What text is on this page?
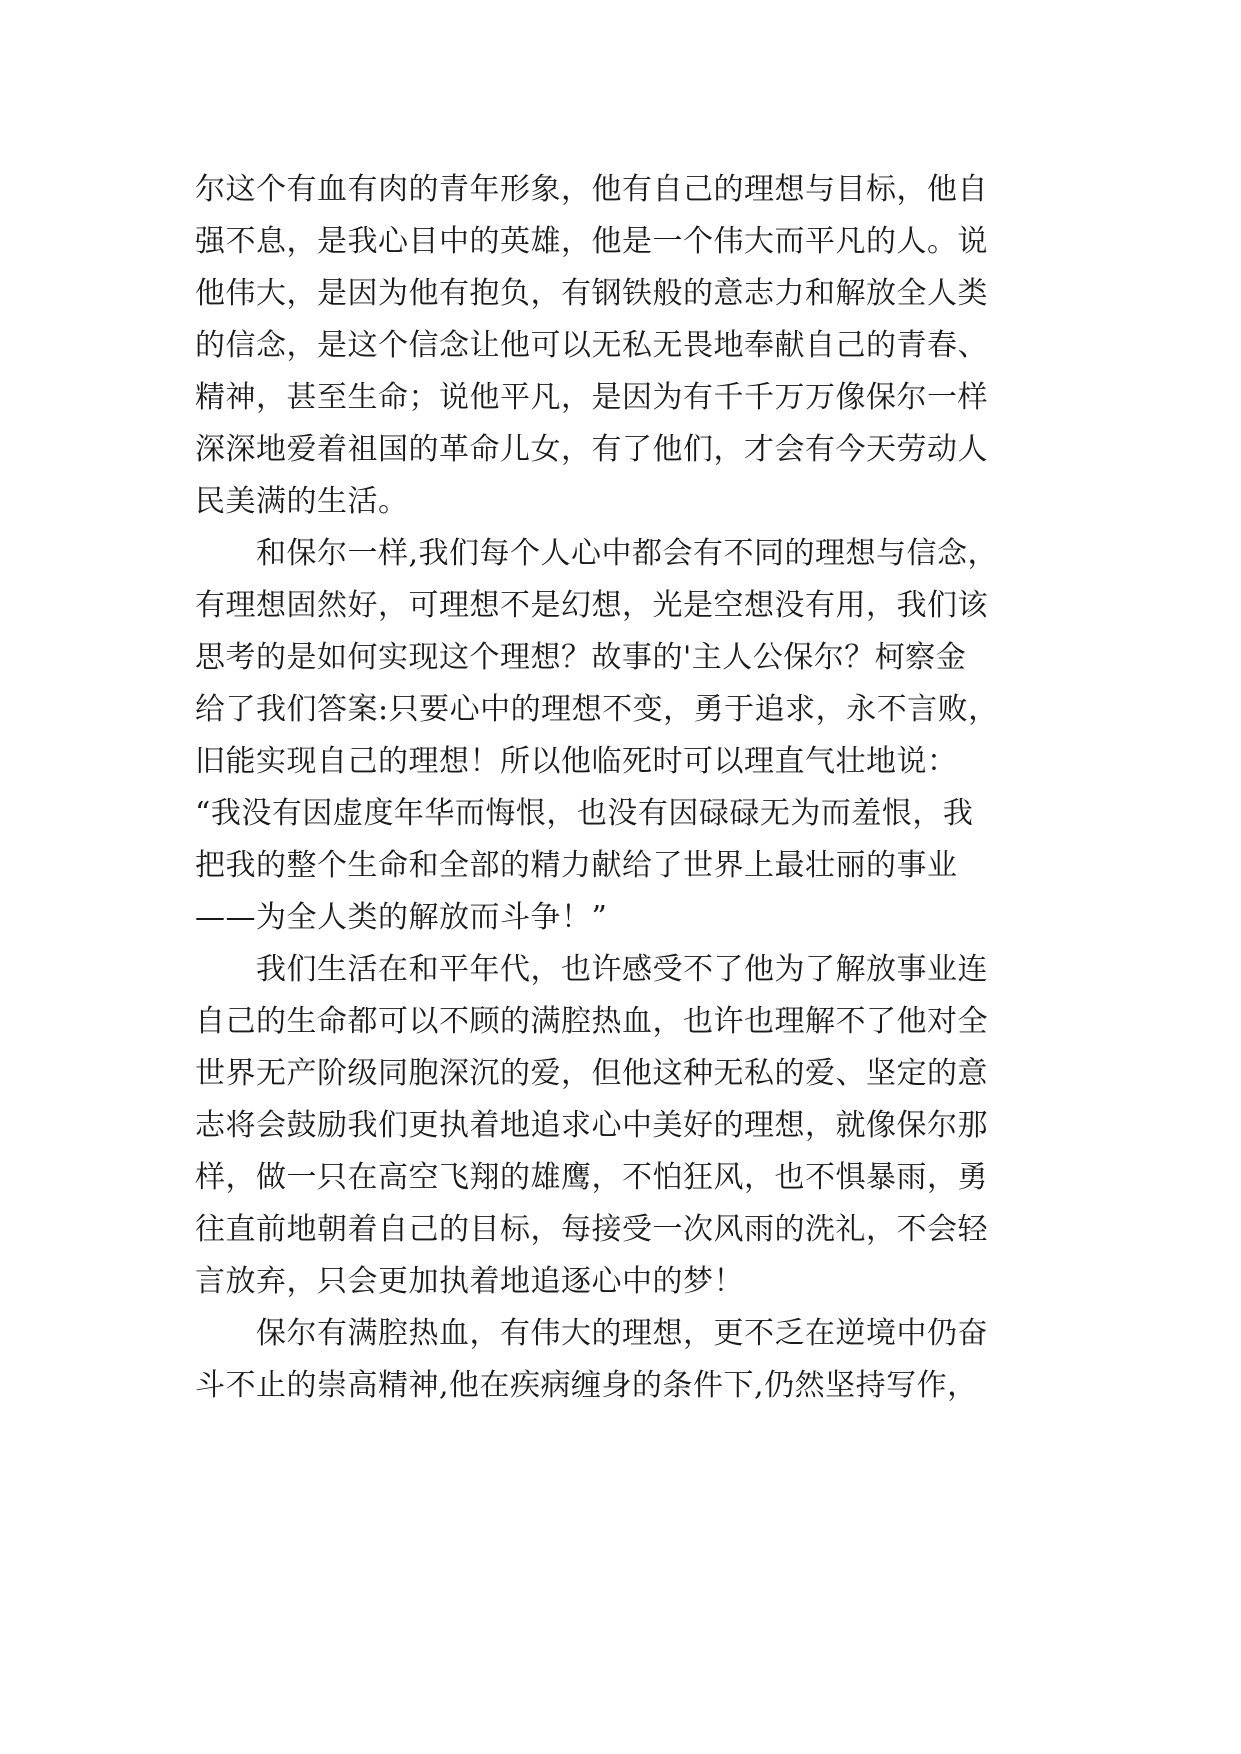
尔这个有血有肉的青年形象，他有自己的理想与目标，他自
强不息，是我心目中的英雄，他是一个伟大而平凡的人。说
他伟大，是因为他有抱负，有钢铁般的意志力和解放全人类
的信念，是这个信念让他可以无私无畏地奉献自己的青春、
精神，甚至生命；说他平凡，是因为有千千万万像保尔一样
深深地爱着祖国的革命儿女，有了他们，才会有今天劳动人
民美满的生活。
　　和保尔一样,我们每个人心中都会有不同的理想与信念，
有理想固然好，可理想不是幻想，光是空想没有用，我们该
思考的是如何实现这个理想？故事的'主人公保尔？柯察金
给了我们答案:只要心中的理想不变，勇于追求，永不言败，
旧能实现自己的理想！所以他临死时可以理直气壮地说：
“我没有因虚度年华而悔恨，也没有因碌碌无为而羞恨，我
把我的整个生命和全部的精力献给了世界上最壮丽的事业
——为全人类的解放而斗争！”
　　我们生活在和平年代，也许感受不了他为了解放事业连
自己的生命都可以不顾的满腔热血，也许也理解不了他对全
世界无产阶级同胞深沉的爱，但他这种无私的爱、坚定的意
志将会鼓励我们更执着地追求心中美好的理想，就像保尔那
样，做一只在高空飞翔的雄鹰，不怕狂风，也不惧暴雨，勇
往直前地朝着自己的目标，每接受一次风雨的洗礼，不会轻
言放弃，只会更加执着地追逐心中的梦！
　　保尔有满腔热血，有伟大的理想，更不乏在逆境中仍奋
斗不止的崇高精神,他在疾病缠身的条件下,仍然坚持写作，
